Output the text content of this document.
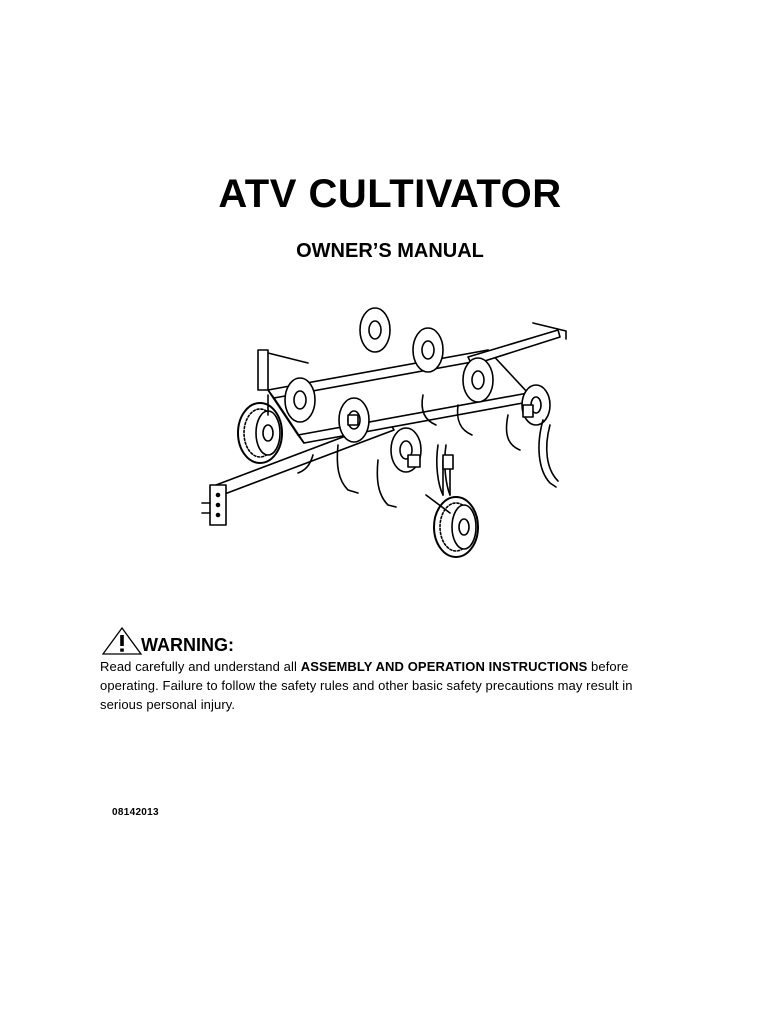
ATV CULTIVATOR
OWNER’S MANUAL
WARNING:
Read carefully and understand all ASSEMBLY AND OPERATION INSTRUCTIONS before operating. Failure to follow the safety rules and other basic safety precautions may result in serious personal injury.
08142013
